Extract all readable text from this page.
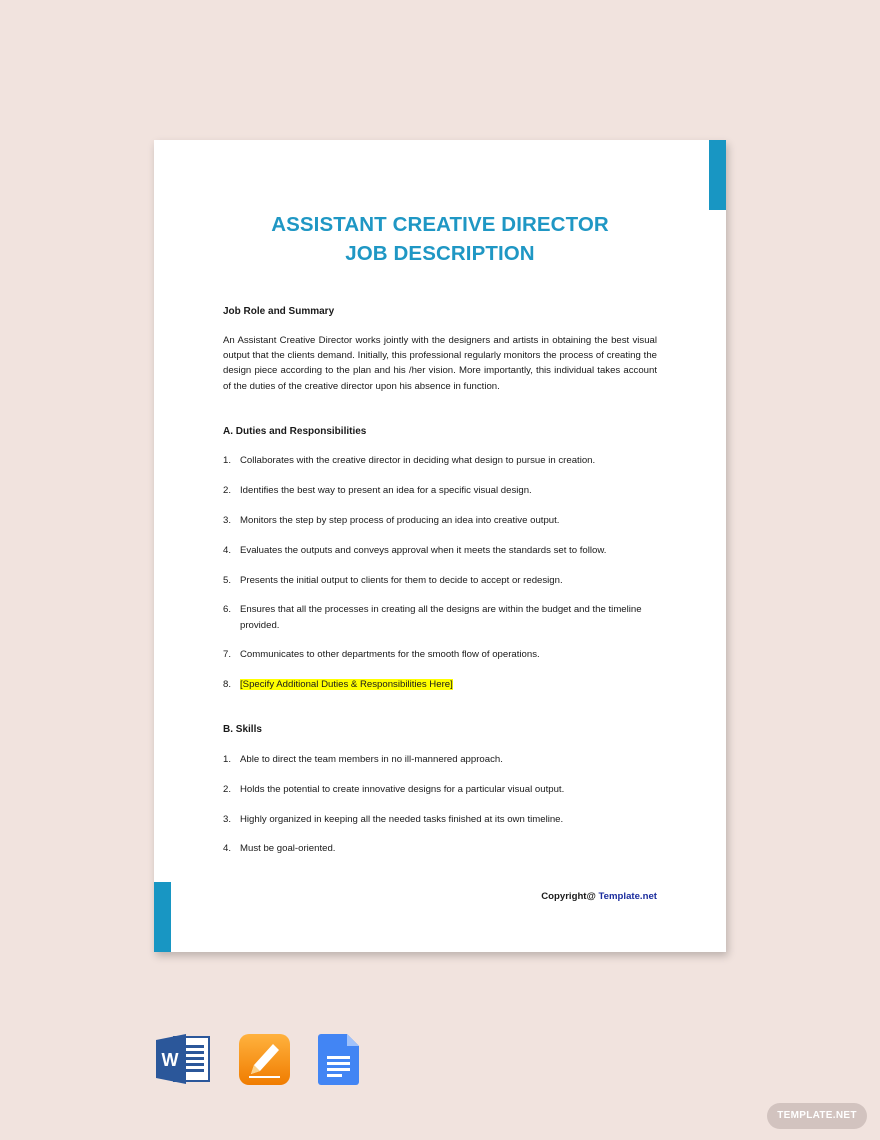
ASSISTANT CREATIVE DIRECTOR
JOB DESCRIPTION
Job Role and Summary
An Assistant Creative Director works jointly with the designers and artists in obtaining the best visual output that the clients demand. Initially, this professional regularly monitors the process of creating the design piece according to the plan and his /her vision. More importantly, this individual takes account of the duties of the creative director upon his absence in function.
A. Duties and Responsibilities
1. Collaborates with the creative director in deciding what design to pursue in creation.
2. Identifies the best way to present an idea for a specific visual design.
3. Monitors the step by step process of producing an idea into creative output.
4. Evaluates the outputs and conveys approval when it meets the standards set to follow.
5. Presents the initial output to clients for them to decide to accept or redesign.
6. Ensures that all the processes in creating all the designs are within the budget and the timeline provided.
7. Communicates to other departments for the smooth flow of operations.
8. [Specify Additional Duties & Responsibilities Here]
B. Skills
1. Able to direct the team members in no ill-mannered approach.
2. Holds the potential to create innovative designs for a particular visual output.
3. Highly organized in keeping all the needed tasks finished at its own timeline.
4. Must be goal-oriented.
Copyright@ Template.net
W
TEMPLATE.NET
